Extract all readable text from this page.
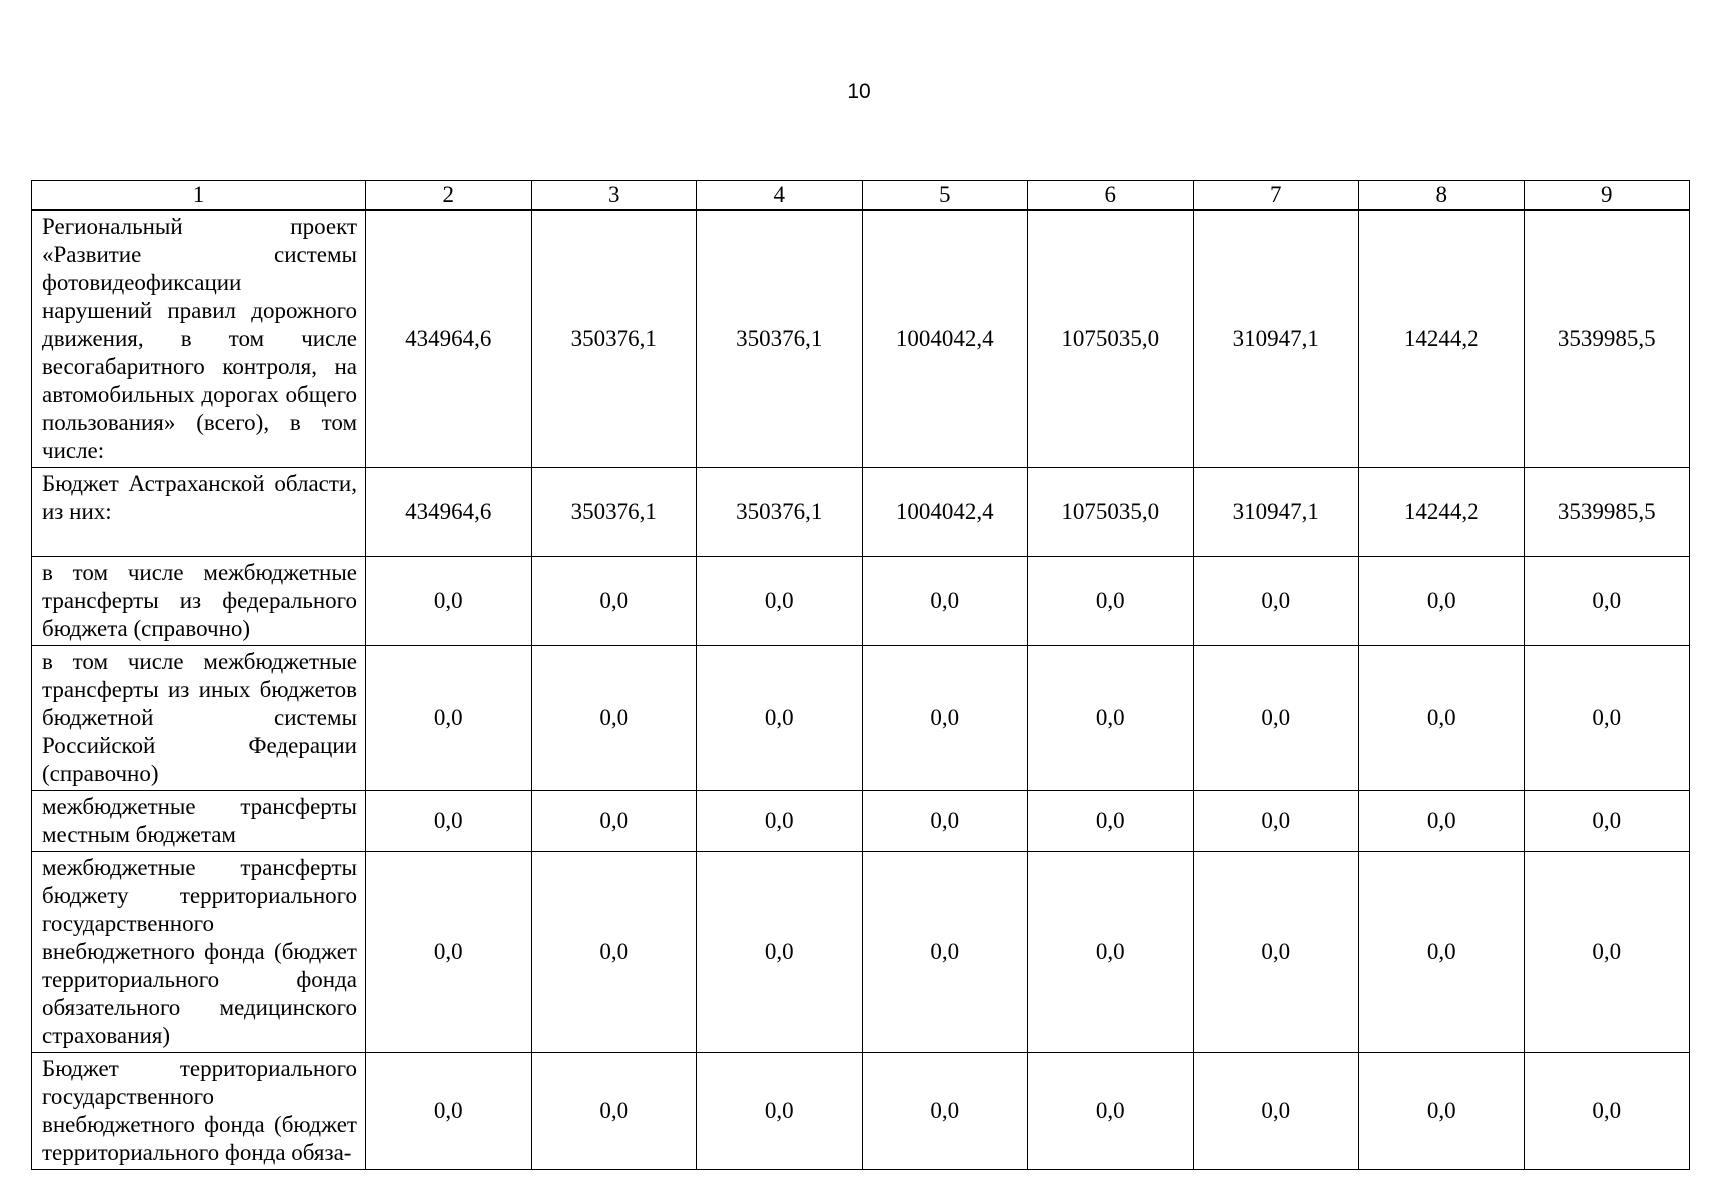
10
1	2	3	4	5	6	7	8	9
Региональный проект «Развитие системы фотовидеофиксации нарушений правил дорожного движения, в том числе весогабаритного контроля, на автомобильных дорогах общего пользования» (всего), в том числе:	434964,6	350376,1	350376,1	1004042,4	1075035,0	310947,1	14244,2	3539985,5
Бюджет Астраханской области, из них:	434964,6	350376,1	350376,1	1004042,4	1075035,0	310947,1	14244,2	3539985,5
в том числе межбюджетные трансферты из федерального бюджета (справочно)	0,0	0,0	0,0	0,0	0,0	0,0	0,0	0,0
в том числе межбюджетные трансферты из иных бюджетов бюджетной системы Российской Федерации (справочно)	0,0	0,0	0,0	0,0	0,0	0,0	0,0	0,0
межбюджетные трансферты местным бюджетам	0,0	0,0	0,0	0,0	0,0	0,0	0,0	0,0
межбюджетные трансферты бюджету территориального государственного внебюджетного фонда (бюджет территориального фонда обязательного медицинского страхования)	0,0	0,0	0,0	0,0	0,0	0,0	0,0	0,0
Бюджет территориального государственного внебюджетного фонда (бюджет территориального фонда обяза-	0,0	0,0	0,0	0,0	0,0	0,0	0,0	0,0
